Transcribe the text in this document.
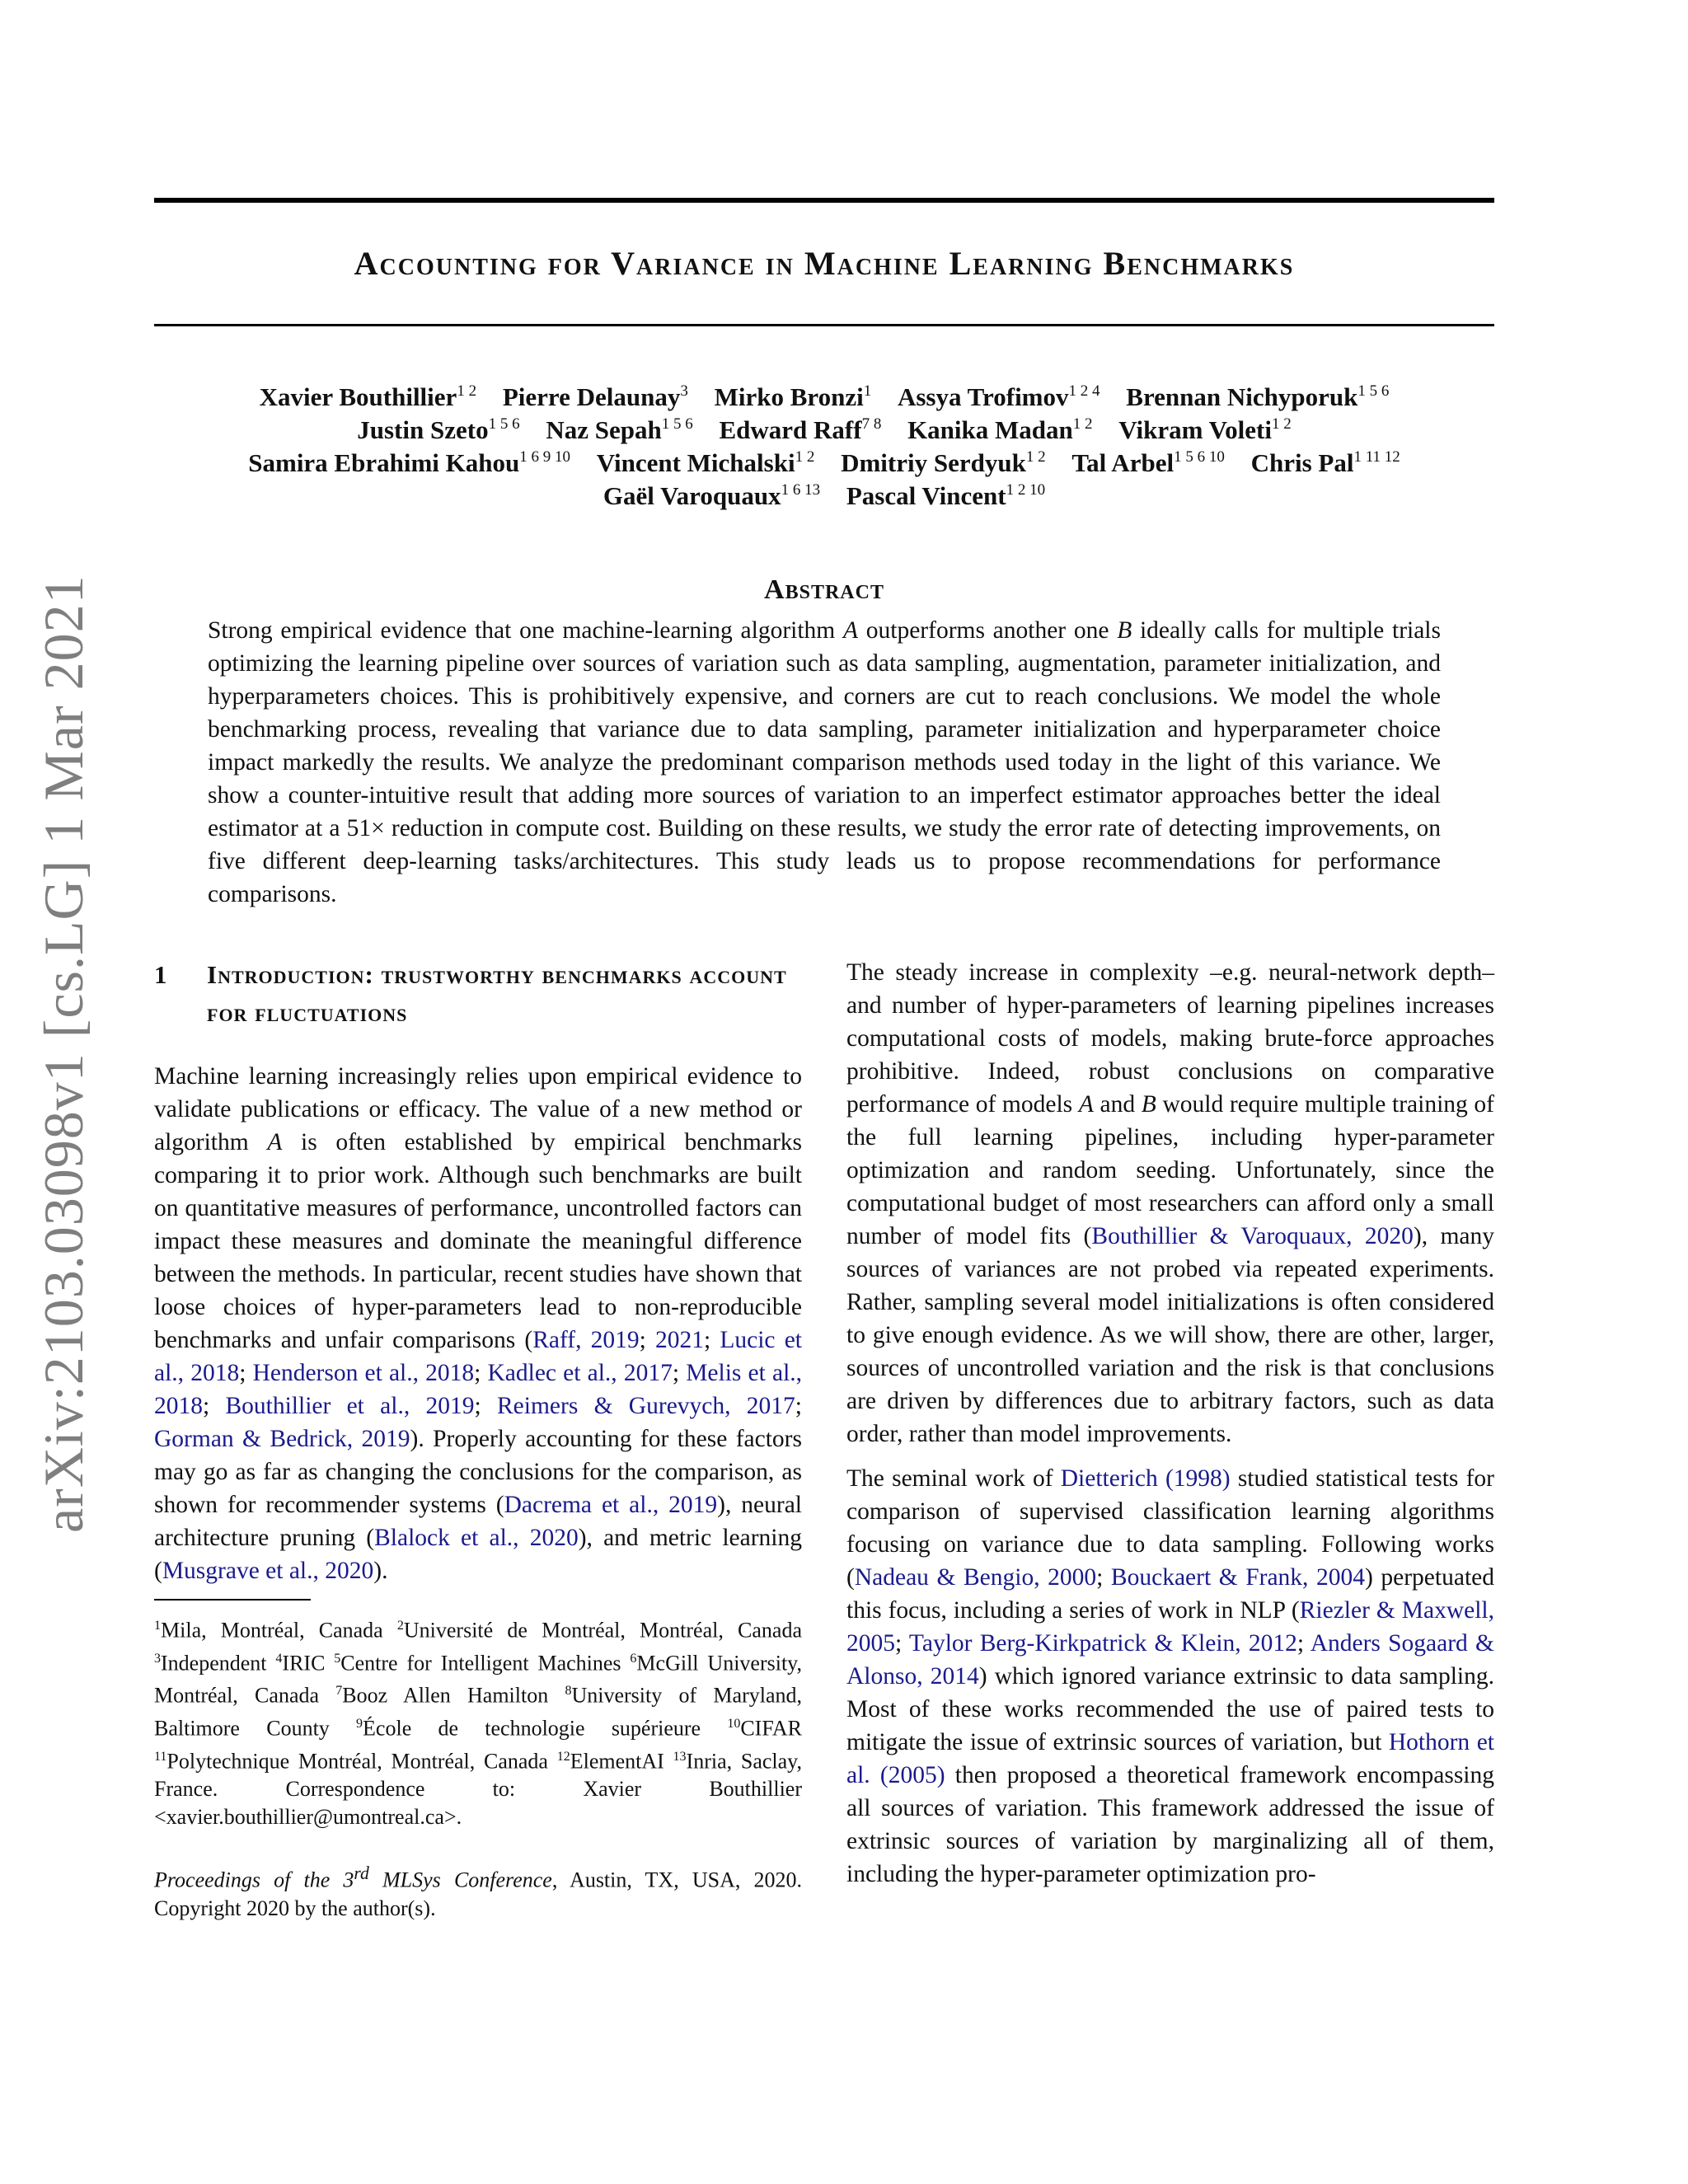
arXiv:2103.03098v1 [cs.LG] 1 Mar 2021
Accounting for Variance in Machine Learning Benchmarks
Xavier Bouthillier$^{1 2}$ Pierre Delaunay$^3$ Mirko Bronzi$^1$ Assya Trofimov$^{1 2 4}$ Brennan Nichyporuk$^{1 5 6}$
Justin Szeto$^{1 5 6}$ Naz Sepah$^{1 5 6}$ Edward Raff$^{7 8}$ Kanika Madan$^{1 2}$ Vikram Voleti$^{1 2}$
Samira Ebrahimi Kahou$^{1 6 9 10}$ Vincent Michalski$^{1 2}$ Dmitriy Serdyuk$^{1 2}$ Tal Arbel$^{1 5 6 10}$ Chris Pal$^{1 11 12}$
Gaël Varoquaux$^{1 6 13}$ Pascal Vincent$^{1 2 10}$
Abstract
Strong empirical evidence that one machine-learning algorithm A outperforms another one B ideally calls for multiple trials optimizing the learning pipeline over sources of variation such as data sampling, augmentation, parameter initialization, and hyperparameters choices. This is prohibitively expensive, and corners are cut to reach conclusions. We model the whole benchmarking process, revealing that variance due to data sampling, parameter initialization and hyperparameter choice impact markedly the results. We analyze the predominant comparison methods used today in the light of this variance. We show a counter-intuitive result that adding more sources of variation to an imperfect estimator approaches better the ideal estimator at a 51× reduction in compute cost. Building on these results, we study the error rate of detecting improvements, on five different deep-learning tasks/architectures. This study leads us to propose recommendations for performance comparisons.
1	Introduction: trustworthy benchmarks account for fluctuations

Machine learning increasingly relies upon empirical evidence to validate publications or efficacy. The value of a new method or algorithm A is often established by empirical benchmarks comparing it to prior work. Although such benchmarks are built on quantitative measures of performance, uncontrolled factors can impact these measures and dominate the meaningful difference between the methods. In particular, recent studies have shown that loose choices of hyper-parameters lead to non-reproducible benchmarks and unfair comparisons (Raff, 2019; 2021; Lucic et al., 2018; Henderson et al., 2018; Kadlec et al., 2017; Melis et al., 2018; Bouthillier et al., 2019; Reimers & Gurevych, 2017; Gorman & Bedrick, 2019). Properly accounting for these factors may go as far as changing the conclusions for the comparison, as shown for recommender systems (Dacrema et al., 2019), neural architecture pruning (Blalock et al., 2020), and metric learning (Musgrave et al., 2020).

$^1$Mila, Montréal, Canada $^2$Université de Montréal, Montréal, Canada $^3$Independent $^4$IRIC $^5$Centre for Intelligent Machines $^6$McGill University, Montréal, Canada $^7$Booz Allen Hamilton $^8$University of Maryland, Baltimore County $^9$École de technologie supérieure $^{10}$CIFAR $^{11}$Polytechnique Montréal, Montréal, Canada $^{12}$ElementAI $^{13}$Inria, Saclay, France. Correspondence to: Xavier Bouthillier <xavier.bouthillier@umontreal.ca>.
Proceedings of the 3rd MLSys Conference, Austin, TX, USA, 2020. Copyright 2020 by the author(s).

The steady increase in complexity –e.g. neural-network depth– and number of hyper-parameters of learning pipelines increases computational costs of models, making brute-force approaches prohibitive. Indeed, robust conclusions on comparative performance of models A and B would require multiple training of the full learning pipelines, including hyper-parameter optimization and random seeding. Unfortunately, since the computational budget of most researchers can afford only a small number of model fits (Bouthillier & Varoquaux, 2020), many sources of variances are not probed via repeated experiments. Rather, sampling several model initializations is often considered to give enough evidence. As we will show, there are other, larger, sources of uncontrolled variation and the risk is that conclusions are driven by differences due to arbitrary factors, such as data order, rather than model improvements.

The seminal work of Dietterich (1998) studied statistical tests for comparison of supervised classification learning algorithms focusing on variance due to data sampling. Following works (Nadeau & Bengio, 2000; Bouckaert & Frank, 2004) perpetuated this focus, including a series of work in NLP (Riezler & Maxwell, 2005; Taylor Berg-Kirkpatrick & Klein, 2012; Anders Sogaard & Alonso, 2014) which ignored variance extrinsic to data sampling. Most of these works recommended the use of paired tests to mitigate the issue of extrinsic sources of variation, but Hothorn et al. (2005) then proposed a theoretical framework encompassing all sources of variation. This framework addressed the issue of extrinsic sources of variation by marginalizing all of them, including the hyper-parameter optimization pro-
